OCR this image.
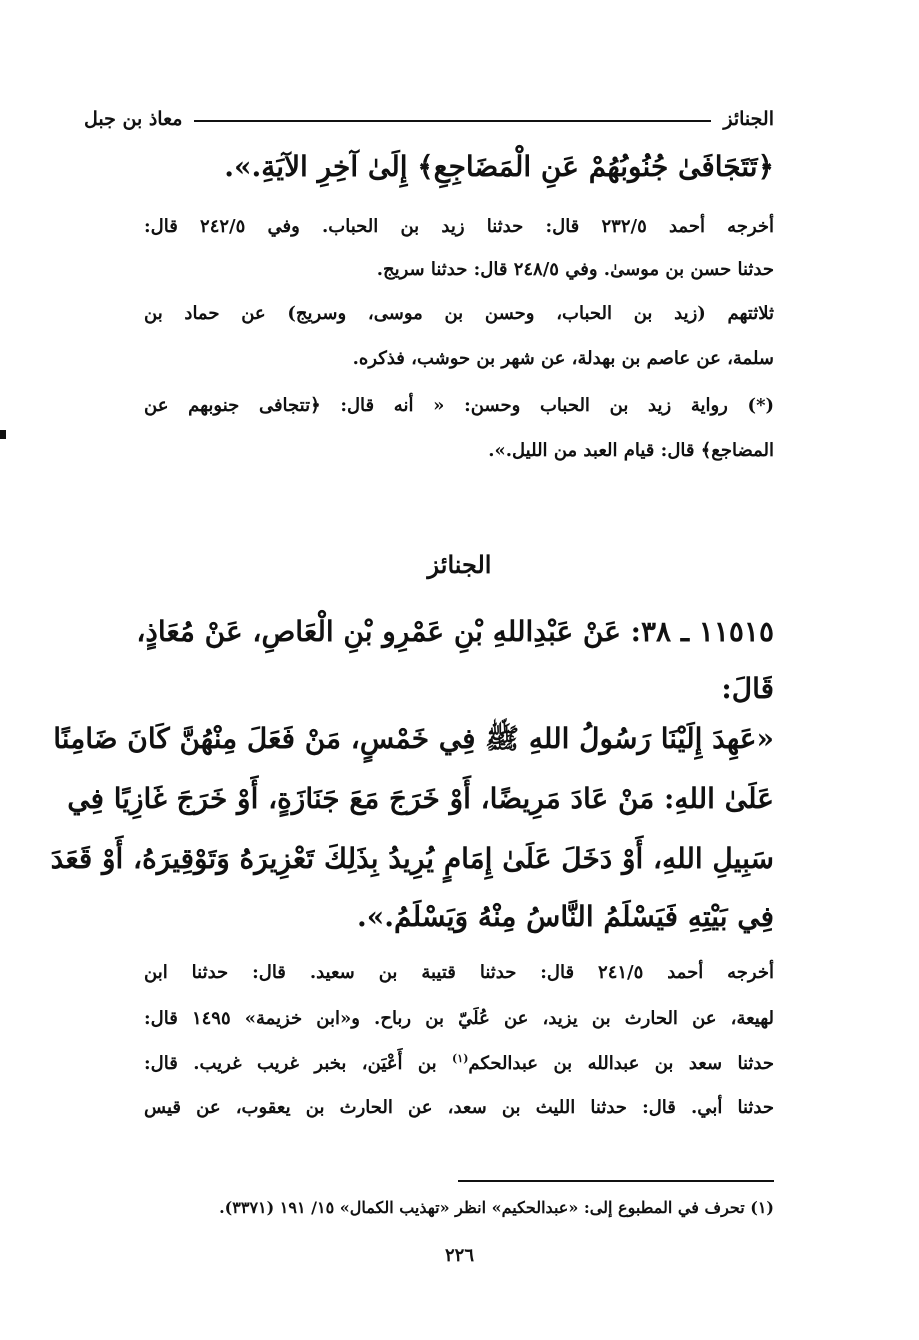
الجنائز
معاذ بن جبل
﴿تَتَجَافَىٰ جُنُوبُهُمْ عَنِ الْمَضَاجِعِ﴾ إِلَىٰ آخِرِ الآيَةِ.».
أخرجه أحمد ٢٣٢/٥ قال: حدثنا زيد بن الحباب. وفي ٢٤٢/٥ قال:
حدثنا حسن بن موسىٰ. وفي ٢٤٨/٥ قال: حدثنا سريج.
ثلاثتهم (زيد بن الحباب، وحسن بن موسى، وسريج) عن حماد بن
سلمة، عن عاصم بن بهدلة، عن شهر بن حوشب، فذكره.
(*) رواية زيد بن الحباب وحسن: « أنه قال: ﴿تتجافى جنوبهم عن
المضاجع﴾ قال: قيام العبد من الليل.».
الجنائز
١١٥١٥ ـ ٣٨: عَنْ عَبْدِاللهِ بْنِ عَمْرِو بْنِ الْعَاصِ، عَنْ مُعَاذٍ،
قَالَ:
«عَهِدَ إِلَيْنَا رَسُولُ اللهِ ﷺ فِي خَمْسٍ، مَنْ فَعَلَ مِنْهُنَّ كَانَ ضَامِنًا
عَلَىٰ اللهِ: مَنْ عَادَ مَرِيضًا، أَوْ خَرَجَ مَعَ جَنَازَةٍ، أَوْ خَرَجَ غَازِيًا فِي
سَبِيلِ اللهِ، أَوْ دَخَلَ عَلَىٰ إِمَامٍ يُرِيدُ بِذَلِكَ تَعْزِيرَهُ وَتَوْقِيرَهُ، أَوْ قَعَدَ
فِي بَيْتِهِ فَيَسْلَمُ النَّاسُ مِنْهُ وَيَسْلَمُ.».
أخرجه أحمد ٢٤١/٥ قال: حدثنا قتيبة بن سعيد. قال: حدثنا ابن
لهيعة، عن الحارث بن يزيد، عن عُلَيّ بن رباح. و«ابن خزيمة» ١٤٩٥ قال:
حدثنا سعد بن عبدالله بن عبدالحكم$^{(١)}$ بن أَعْيَن، بخبر غريب غريب. قال:
حدثنا أبي. قال: حدثنا الليث بن سعد، عن الحارث بن يعقوب، عن قيس
(١) تحرف في المطبوع إلى: «عبدالحكيم» انظر «تهذيب الكمال» ١٥/ ١٩١ (٣٣٧١).
٢٢٦
